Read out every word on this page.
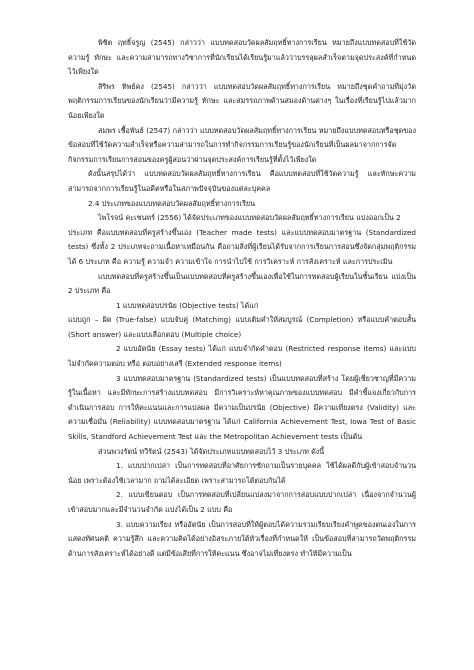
พิชิต ฤทธิ์จรูญ (2545) กล่าวว่า แบบทดสอบวัดผลสัมฤทธิ์ทางการเรียน หมายถึงแบบทดสอบที่ใช้วัดความรู้ ทักษะ และความสามารถทางวิชาการที่นักเรียนได้เรียนรู้มาแล้วว่าบรรลุผลสำเร็จตามจุดประสงค์ที่กำหนดไว้เพียงใด

สิริพร ทิพย์คง (2545) กล่าวว่า แบบทดสอบวัดผลสัมฤทธิ์ทางการเรียน หมายถึงชุดคำถามที่มุ่งวัดพฤติกรรมการเรียนของนักเรียนว่ามีความรู้ ทักษะ และสมรรถภาพด้านสมองด้านต่างๆ ในเรื่องที่เรียนรู้ไปแล้วมากน้อยเพียงใด

สมพร เชื้อพันธ์ (2547) กล่าวว่า แบบทดสอบวัดผลสัมฤทธิ์ทางการเรียน หมายถึงแบบทดสอบหรือชุดของข้อสอบที่ใช้วัดความสำเร็จหรือความสามารถในการทำกิจกรรมการเรียนรู้ของนักเรียนที่เป็นผลมาจากการจัดกิจกรรมการเรียนการสอนของครูผู้สอนว่าผ่านจุดประสงค์การเรียนรู้ที่ตั้งไว้เพียงใด

ดังนั้นสรุปได้ว่า แบบทดสอบวัดผลสัมฤทธิ์ทางการเรียน คือแบบทดสอบที่ใช้วัดความรู้ และทักษะความสามารถจากการเรียนรู้ในอดีตหรือในสภาพปัจจุบันของแต่ละบุคคล

2.4 ประเภทของแบบทดสอบวัดผลสัมฤทธิ์ทางการเรียน

ไพโรจน์ คะเชนทร์ (2556) ได้จัดประเภทของแบบทดสอบวัดผลสัมฤทธิ์ทางการเรียน แบ่งออกเป็น 2

ประเภท คือแบบทดสอบที่ครูสร้างขึ้นเอง (Teacher made tests) และแบบทดสอบมาตรฐาน (Standardized tests) ซึ่งทั้ง 2 ประเภทจะถามเนื้อหาเหมือนกัน คือถามสิ่งที่ผู้เรียนได้รับจากการเรียนการสอนซึ่งจัดกลุ่มพฤติกรรมได้ 6 ประเภท คือ ความรู้ ความจำ ความเข้าใจ การนำไปใช้ การวิเคราะห์ การสังเคราะห์ และการประเมิน

แบบทดสอบที่ครูสร้างขึ้นเป็นแบบทดสอบที่ครูสร้างขึ้นเองเพื่อใช้ในการทดสอบผู้เรียนในชั้นเรียน แบ่งเป็น 2 ประเภท คือ

1 แบบทดสอบปรนัย (Objective tests) ได้แก่

แบบถูก – ผิด (True-false) แบบจับคู่ (Matching) แบบเติมคำให้สมบูรณ์ (Completion) หรือแบบคำตอบสั้น (Short answer) และแบบเลือกตอบ (Multiple choice)

2 แบบอัตนัย (Essay tests) ได้แก่ แบบจำกัดคำตอบ (Restricted response items) และแบบไม่จำกัดความตอบ หรือ ตอบอย่างเสรี (Extended response items)

3 แบบทดสอบมาตรฐาน (Standardized tests) เป็นแบบทดสอบที่สร้าง โดยผู้เชี่ยวชาญที่มีความรู้ในเนื้อหา และมีทักษะการสร้างแบบทดสอบ มีการวิเคราะห์หาคุณภาพของแบบทดสอบ มีคำชี้แจงเกี่ยวกับการดำเนินการสอบ การให้คะแนนและการแปลผล มีความเป็นปรนัย (Objective) มีความเที่ยงตรง (Validity) และความเชื่อมั่น (Reliability) แบบทดสอบมาตรฐาน ได้แก่ California Achievement Test, Iowa Test of Basic Skills, Standford Achievement Test และ the Metropolitan Achievement tests เป็นต้น

ส่วนพวงรัตน์ ทวีรัตน์ (2543) ได้จัดประเภทแบบทดสอบไว้ 3 ประเภท ดังนี้

1. แบบปากเปล่า เป็นการทดสอบที่อาศัยการซักถามเป็นรายบุคคล ใช้ได้ผลดีกับผู้เข้าสอบจำนวนน้อย เพราะต้องใช้เวลามาก ถามได้ละเอียด เพราะสามารถโต้ตอบกันได้

2. แบบเขียนตอบ เป็นการทดสอบที่เปลี่ยนแปลงมาจากการสอบแบบปากเปล่า เนื่องจากจำนวนผู้เข้าสอบมากและมีจำนวนจำกัด แบ่งได้เป็น 2 แบบ คือ

3. แบบความเรียง หรืออัตนัย เป็นการสอบที่ให้ผู้ตอบได้ความรวมเรียบเรียงคำพูดของตนเองในการแสดงทัศนคติ ความรู้สึก และความคิดได้อย่างอิสระภายใต้หัวเรื่องที่กำหนดให้ เป็นข้อสอบที่สามารถวัดพฤติกรรมด้านการสังเคราะห์ได้อย่างดี แต่มีข้อเสียที่การให้คะแนน ซึ่งอาจไม่เที่ยงตรง ทำให้มีความเป็น
